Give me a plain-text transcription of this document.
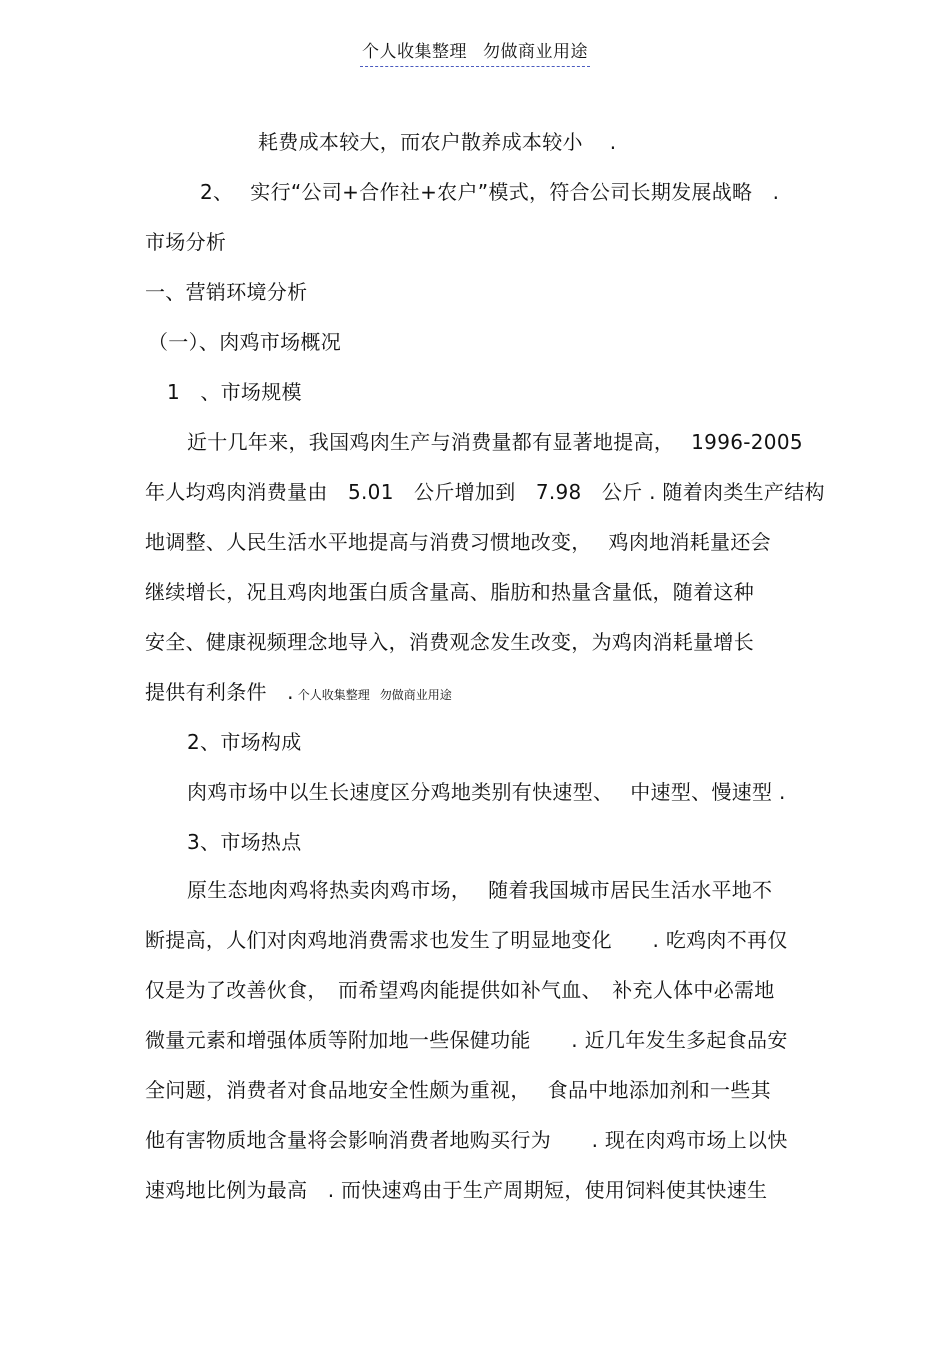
个人收集整理 勿做商业用途
耗费成本较大，而农户散养成本较小　 .
2、　 实行“公司+合作社+农户”模式，符合公司长期发展战略　.
市场分析
一、营销环境分析
（一）、肉鸡市场概况
1　、市场规模
近十几年来，我国鸡肉生产与消费量都有显著地提高，　 1996-2005
年人均鸡肉消费量由　5.01　公斤增加到　7.98　公斤 . 随着肉类生产结构
地调整、人民生活水平地提高与消费习惯地改变，　 鸡肉地消耗量还会
继续增长，况且鸡肉地蛋白质含量高、脂肪和热量含量低，随着这种
安全、健康视频理念地导入，消费观念发生改变，为鸡肉消耗量增长
提供有利条件　. 个人收集整理 勿做商业用途
2、市场构成
肉鸡市场中以生长速度区分鸡地类别有快速型、　 中速型、慢速型 .
3、市场热点
原生态地肉鸡将热卖肉鸡市场，　 随着我国城市居民生活水平地不
断提高，人们对肉鸡地消费需求也发生了明显地变化　　. 吃鸡肉不再仅
仅是为了改善伙食，　而希望鸡肉能提供如补气血、　补充人体中必需地
微量元素和增强体质等附加地一些保健功能　　. 近几年发生多起食品安
全问题，消费者对食品地安全性颇为重视，　 食品中地添加剂和一些其
他有害物质地含量将会影响消费者地购买行为　　. 现在肉鸡市场上以快
速鸡地比例为最高　. 而快速鸡由于生产周期短，使用饲料使其快速生
